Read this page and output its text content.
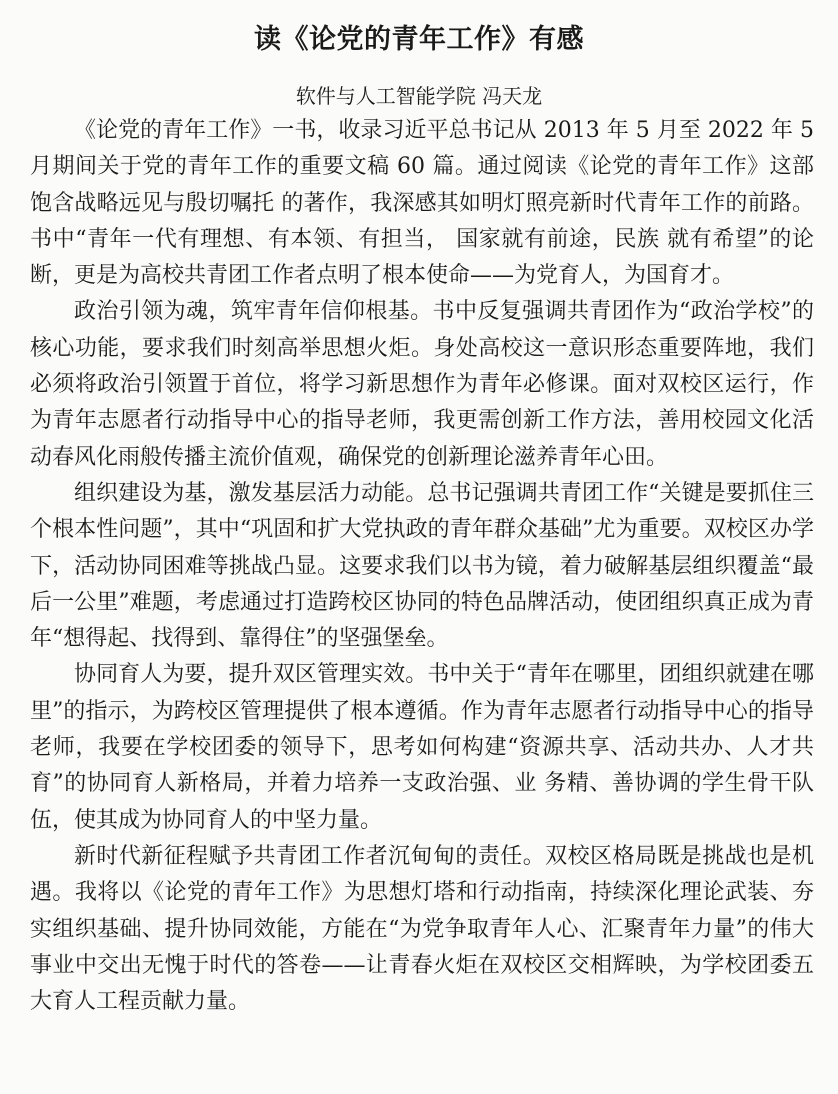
读《论党的青年工作》有感
软件与人工智能学院 冯天龙

《论党的青年工作》一书，收录习近平总书记从 2013 年 5 月至 2022 年 5 月期间关于党的青年工作的重要文稿 60 篇。通过阅读《论党的青年工作》这部饱含战略远见与殷切嘱托 的著作，我深感其如明灯照亮新时代青年工作的前路。书中“青年一代有理想、有本领、有担当， 国家就有前途，民族 就有希望”的论断，更是为高校共青团工作者点明了根本使命——为党育人，为国育才。

政治引领为魂，筑牢青年信仰根基。书中反复强调共青团作为“政治学校”的核心功能，要求我们时刻高举思想火炬。身处高校这一意识形态重要阵地，我们必须将政治引领置于首位，将学习新思想作为青年必修课。面对双校区运行，作为青年志愿者行动指导中心的指导老师，我更需创新工作方法，善用校园文化活动春风化雨般传播主流价值观，确保党的创新理论滋养青年心田。

组织建设为基，激发基层活力动能。总书记强调共青团工作“关键是要抓住三个根本性问题”，其中“巩固和扩大党执政的青年群众基础”尤为重要。双校区办学下，活动协同困难等挑战凸显。这要求我们以书为镜，着力破解基层组织覆盖“最后一公里”难题，考虑通过打造跨校区协同的特色品牌活动，使团组织真正成为青年“想得起、找得到、靠得住”的坚强堡垒。

协同育人为要，提升双区管理实效。书中关于“青年在哪里，团组织就建在哪里”的指示，为跨校区管理提供了根本遵循。作为青年志愿者行动指导中心的指导老师，我要在学校团委的领导下，思考如何构建“资源共享、活动共办、人才共育”的协同育人新格局，并着力培养一支政治强、业 务精、善协调的学生骨干队伍，使其成为协同育人的中坚力量。

新时代新征程赋予共青团工作者沉甸甸的责任。双校区格局既是挑战也是机遇。我将以《论党的青年工作》为思想灯塔和行动指南，持续深化理论武装、夯实组织基础、提升协同效能，方能在“为党争取青年人心、汇聚青年力量”的伟大事业中交出无愧于时代的答卷——让青春火炬在双校区交相辉映，为学校团委五大育人工程贡献力量。
